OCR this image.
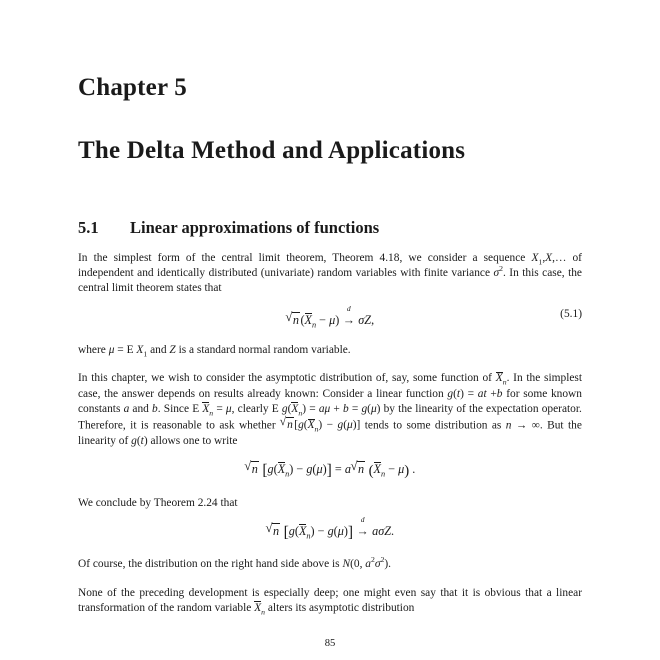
Chapter 5
The Delta Method and Applications
5.1	Linear approximations of functions

In the simplest form of the central limit theorem, Theorem 4.18, we consider a sequence $X_1,X,\dots$ of independent and identically distributed (univariate) random variables with finite variance $\sigma^2$. In this case, the central limit theorem states that

√ n $(X_n - \mu)$
d
→ σZ,	(5.1)

where μ = E $X_1$ and Z is a standard normal random variable.

In this chapter, we wish to consider the asymptotic distribution of, say, some function of $X_n$. In the simplest case, the answer depends on results already known: Consider a linear function g(t) = at +b for some known constants a and b. Since E $X_n = \mu$, clearly E $g(X_n) = a\mu + b = g(\mu)$ by the linearity of the expectation operator. Therefore, it is reasonable to ask whether √ n $[g(X_n) - g(\mu)]$ tends to some distribution as n → ∞. But the linearity of g(t) allows one to write

√ n $[g(X_n) - g(\mu)] = a$ √ n $(X_n - \mu)$ .

We conclude by Theorem 2.24 that

√ n $[g(X_n) - g(\mu)]$
d
→ aσZ.

Of course, the distribution on the right hand side above is N(0, $a^2\sigma^2$).

None of the preceding development is especially deep; one might even say that it is obvious that a linear transformation of the random variable $X_n$ alters its asymptotic distribution

85
